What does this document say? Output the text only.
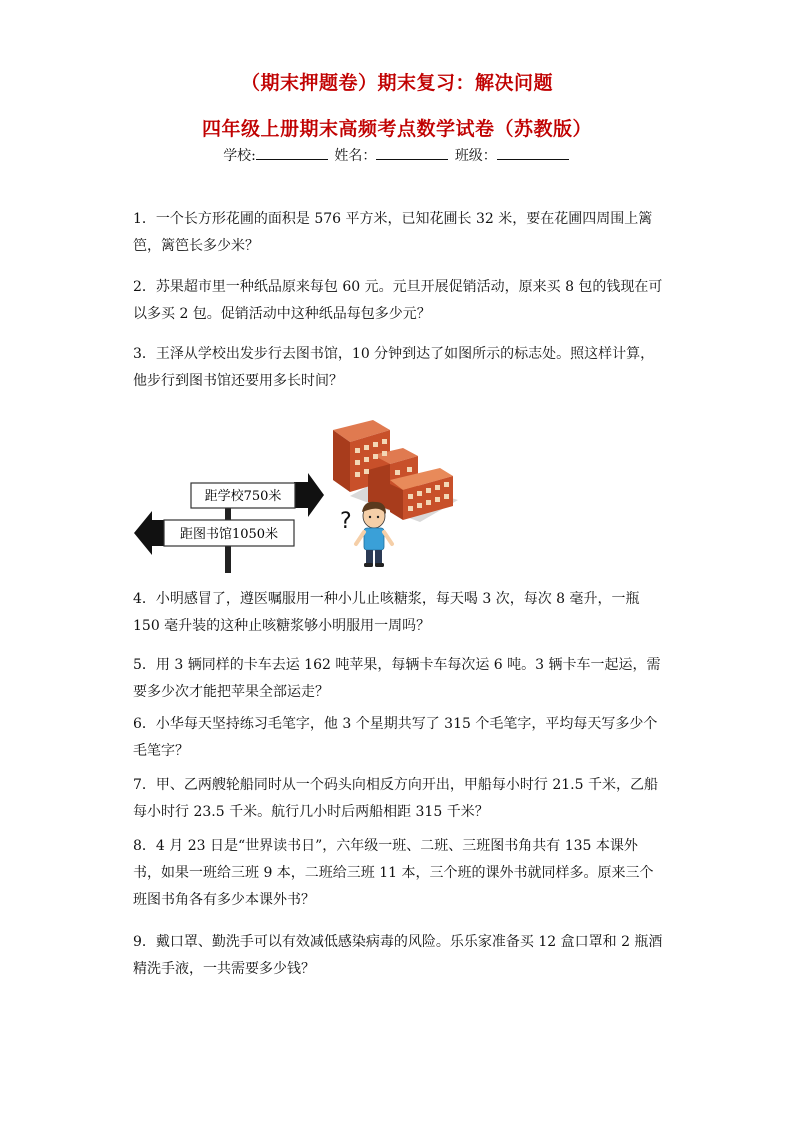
（期末押题卷）期末复习：解决问题
四年级上册期末高频考点数学试卷（苏教版）
学校:	姓名：	班级：

1．一个长方形花圃的面积是 576 平方米，已知花圃长 32 米，要在花圃四周围上篱笆，篱笆长多少米？

2．苏果超市里一种纸品原来每包 60 元。元旦开展促销活动，原来买 8 包的钱现在可以多买 2 包。促销活动中这种纸品每包多少元？

3．王泽从学校出发步行去图书馆，10 分钟到达了如图所示的标志处。照这样计算，他步行到图书馆还要用多长时间？

距学校750米
距图书馆1050米
?

4．小明感冒了，遵医嘱服用一种小儿止咳糖浆，每天喝 3 次，每次 8 毫升，一瓶 150 毫升装的这种止咳糖浆够小明服用一周吗？

5．用 3 辆同样的卡车去运 162 吨苹果，每辆卡车每次运 6 吨。3 辆卡车一起运，需要多少次才能把苹果全部运走？

6．小华每天坚持练习毛笔字，他 3 个星期共写了 315 个毛笔字，平均每天写多少个毛笔字？

7．甲、乙两艘轮船同时从一个码头向相反方向开出，甲船每小时行 21.5 千米，乙船每小时行 23.5 千米。航行几小时后两船相距 315 千米？

8．4 月 23 日是“世界读书日”，六年级一班、二班、三班图书角共有 135 本课外书，如果一班给三班 9 本，二班给三班 11 本，三个班的课外书就同样多。原来三个班图书角各有多少本课外书？

9．戴口罩、勤洗手可以有效减低感染病毒的风险。乐乐家准备买 12 盒口罩和 2 瓶酒精洗手液，一共需要多少钱？
